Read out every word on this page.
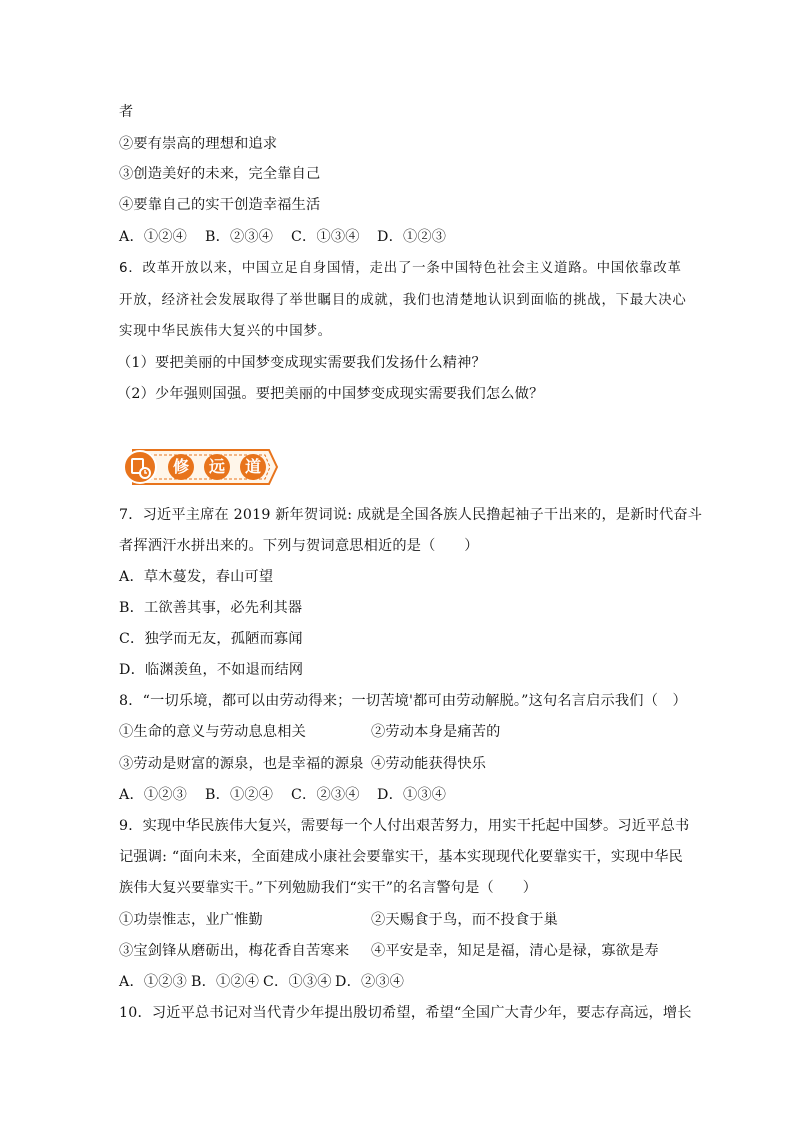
者
②要有崇高的理想和追求
③创造美好的未来，完全靠自己
④要靠自己的实干创造幸福生活
A．①②④ B．②③④ C．①③④ D．①②③
6．改革开放以来，中国立足自身国情，走出了一条中国特色社会主义道路。中国依靠改革
开放，经济社会发展取得了举世瞩目的成就，我们也清楚地认识到面临的挑战，下最大决心
实现中华民族伟大复兴的中国梦。
（1）要把美丽的中国梦变成现实需要我们发扬什么精神？
（2）少年强则国强。要把美丽的中国梦变成现实需要我们怎么做？
修	远	道
7．习近平主席在 2019 新年贺词说: 成就是全国各族人民撸起袖子干出来的，是新时代奋斗
者挥洒汗水拼出来的。下列与贺词意思相近的是（　　）
A．草木蔓发，春山可望
B．工欲善其事，必先利其器
C．独学而无友，孤陋而寡闻
D．临渊羡鱼，不如退而结网
8．“一切乐境，都可以由劳动得来；一切苦境'都可由劳动解脱。”这句名言启示我们（　）
①生命的意义与劳动息息相关	②劳动本身是痛苦的
③劳动是财富的源泉，也是幸福的源泉 ④劳动能获得快乐
A．①②③ B．①②④ C．②③④ D．①③④
9．实现中华民族伟大复兴，需要每一个人付出艰苦努力，用实干托起中国梦。习近平总书
记强调: “面向未来，全面建成小康社会要靠实干，基本实现现代化要靠实干，实现中华民
族伟大复兴要靠实干。”下列勉励我们“实干”的名言警句是（　　）
①功崇惟志，业广惟勤	②天赐食于鸟，而不投食于巢
③宝剑锋从磨砺出，梅花香自苦寒来 ④平安是幸，知足是福，清心是禄，寡欲是寿
A．①②③ B．①②④ C．①③④ D．②③④
10．习近平总书记对当代青少年提出殷切希望，希望“全国广大青少年，要志存高远，增长
